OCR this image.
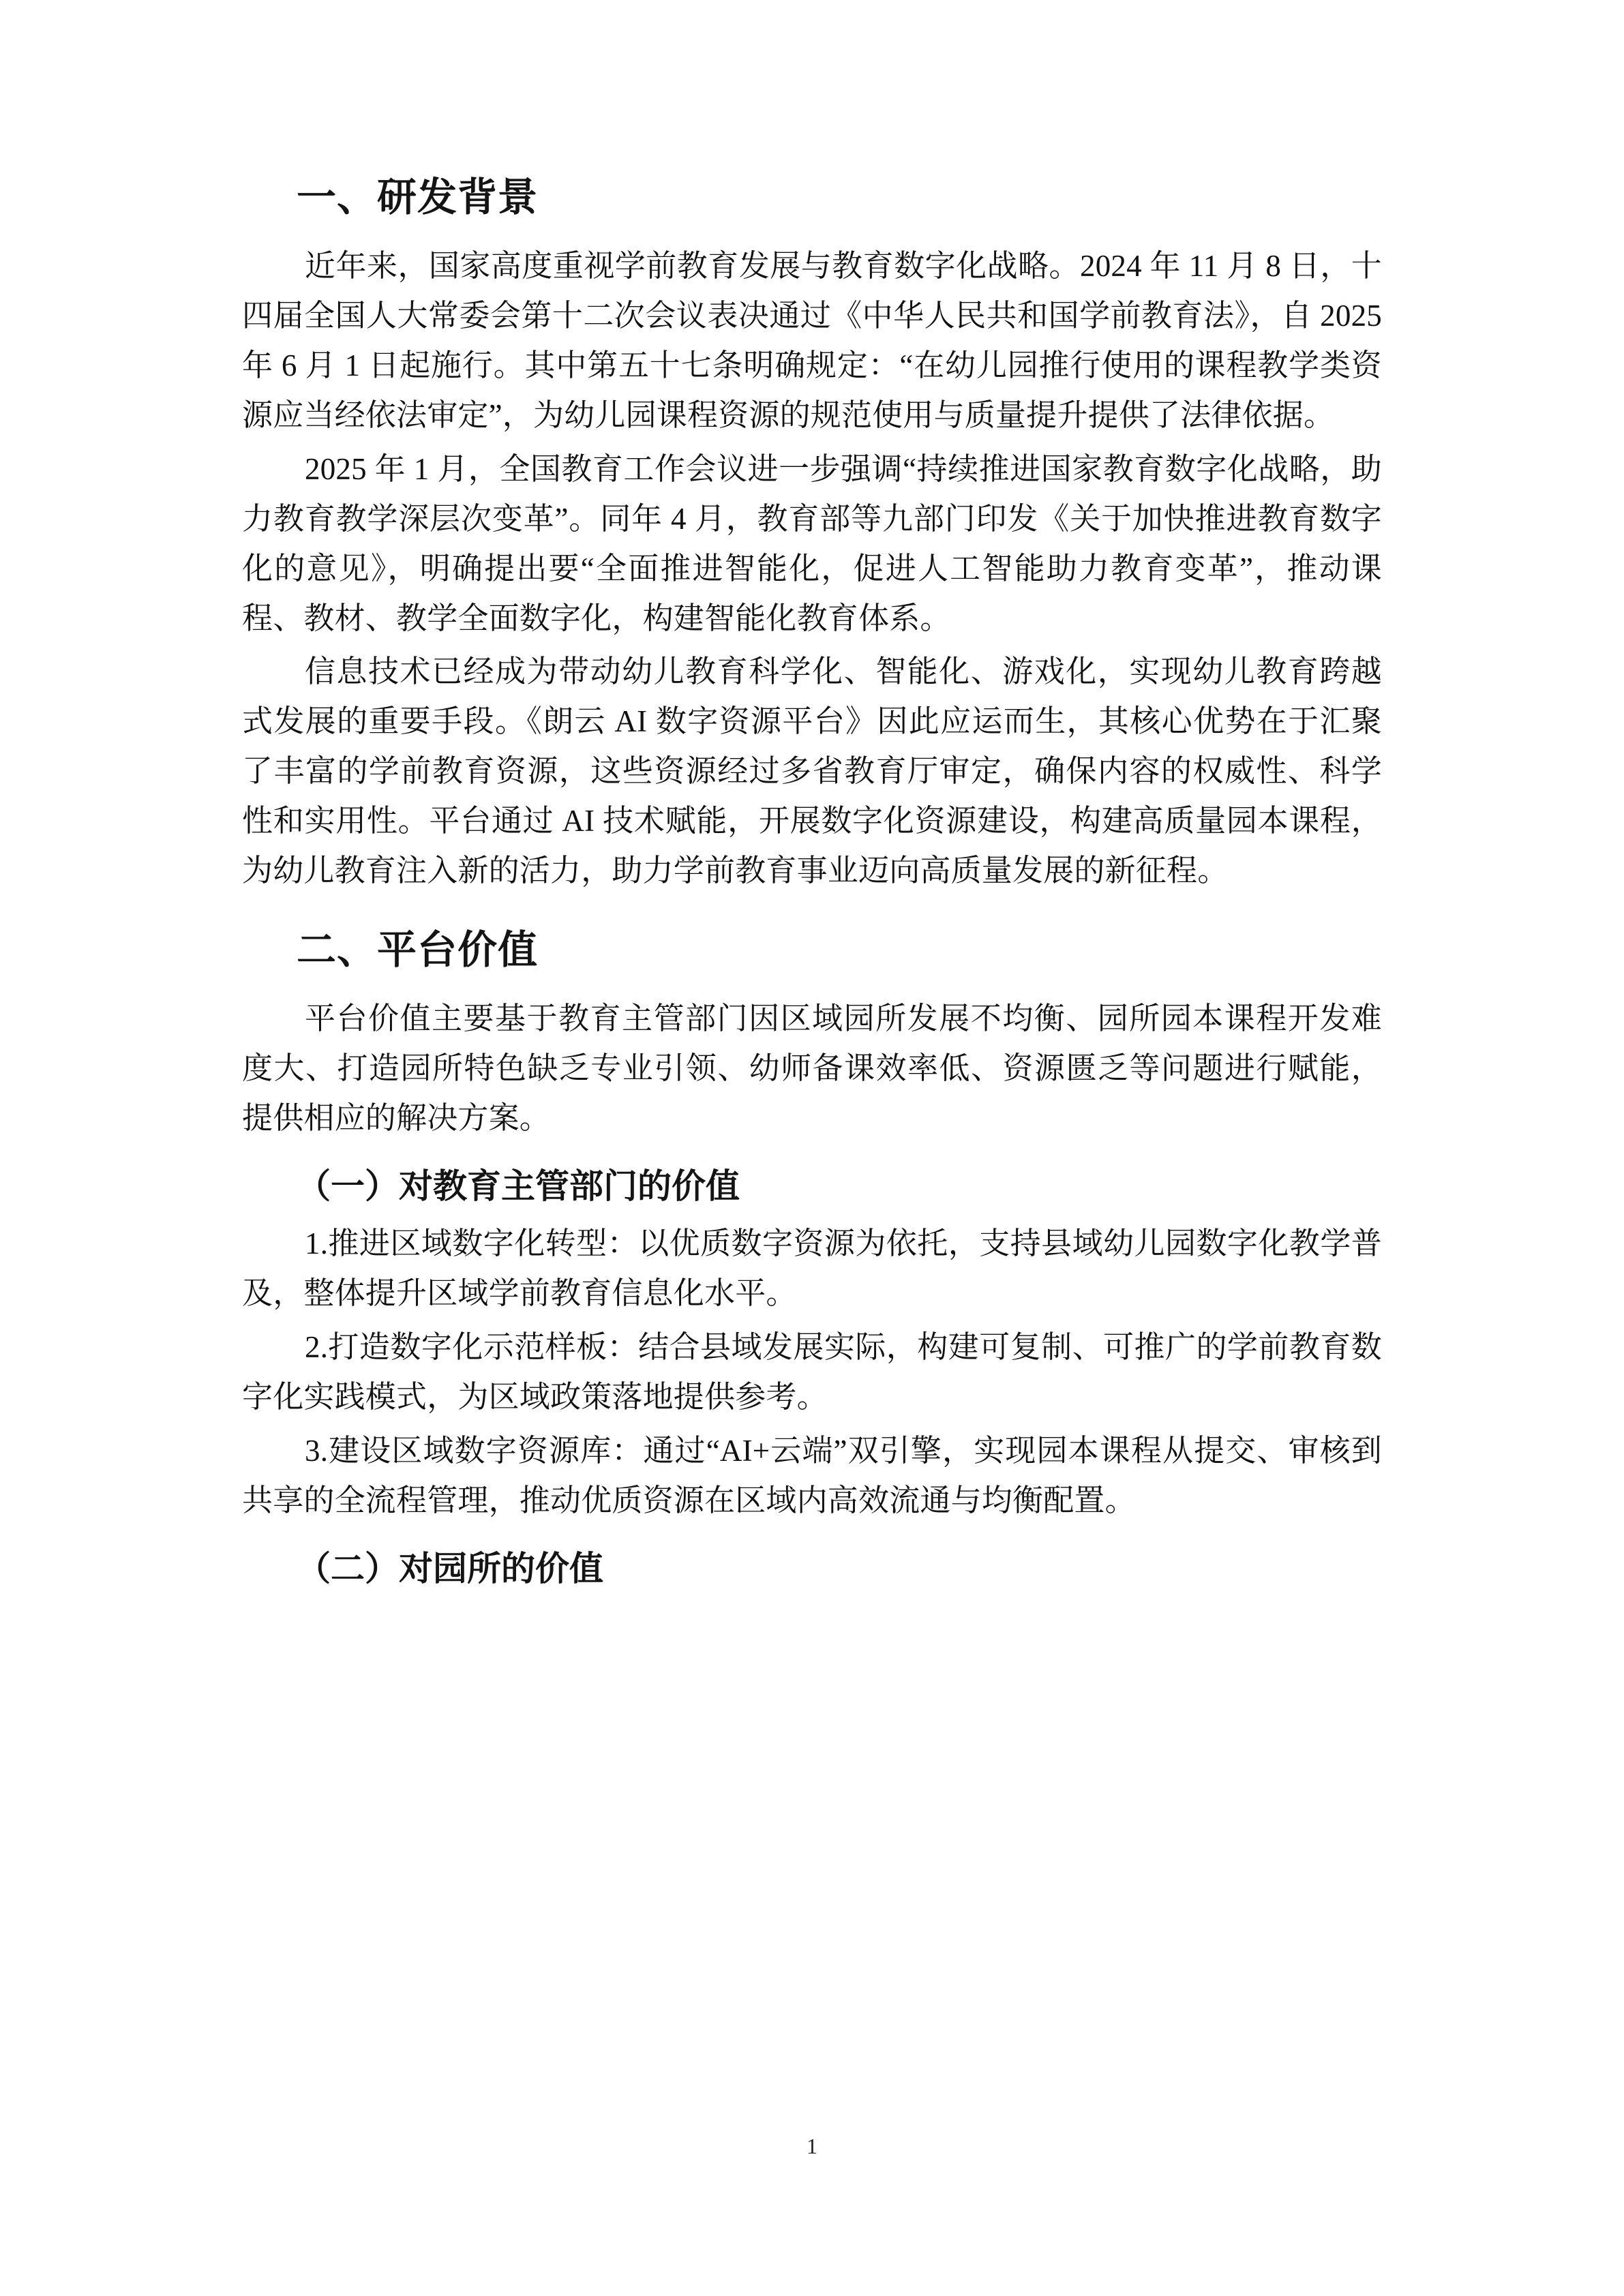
一、研发背景

近年来，国家高度重视学前教育发展与教育数字化战略。2024 年 11 月 8 日，十四届全国人大常委会第十二次会议表决通过《中华人民共和国学前教育法》，自 2025 年 6 月 1 日起施行。其中第五十七条明确规定：“在幼儿园推行使用的课程教学类资源应当经依法审定”，为幼儿园课程资源的规范使用与质量提升提供了法律依据。

2025 年 1 月，全国教育工作会议进一步强调“持续推进国家教育数字化战略，助力教育教学深层次变革”。同年 4 月，教育部等九部门印发《关于加快推进教育数字化的意见》，明确提出要“全面推进智能化，促进人工智能助力教育变革”，推动课程、教材、教学全面数字化，构建智能化教育体系。

信息技术已经成为带动幼儿教育科学化、智能化、游戏化，实现幼儿教育跨越式发展的重要手段。《朗云 AI 数字资源平台》因此应运而生，其核心优势在于汇聚了丰富的学前教育资源，这些资源经过多省教育厅审定，确保内容的权威性、科学性和实用性。平台通过 AI 技术赋能，开展数字化资源建设，构建高质量园本课程，为幼儿教育注入新的活力，助力学前教育事业迈向高质量发展的新征程。

二、平台价值

平台价值主要基于教育主管部门因区域园所发展不均衡、园所园本课程开发难度大、打造园所特色缺乏专业引领、幼师备课效率低、资源匮乏等问题进行赋能，提供相应的解决方案。

（一）对教育主管部门的价值

1.推进区域数字化转型：以优质数字资源为依托，支持县域幼儿园数字化教学普及，整体提升区域学前教育信息化水平。

2.打造数字化示范样板：结合县域发展实际，构建可复制、可推广的学前教育数字化实践模式，为区域政策落地提供参考。

3.建设区域数字资源库：通过“AI+云端”双引擎，实现园本课程从提交、审核到共享的全流程管理，推动优质资源在区域内高效流通与均衡配置。

（二）对园所的价值
1
